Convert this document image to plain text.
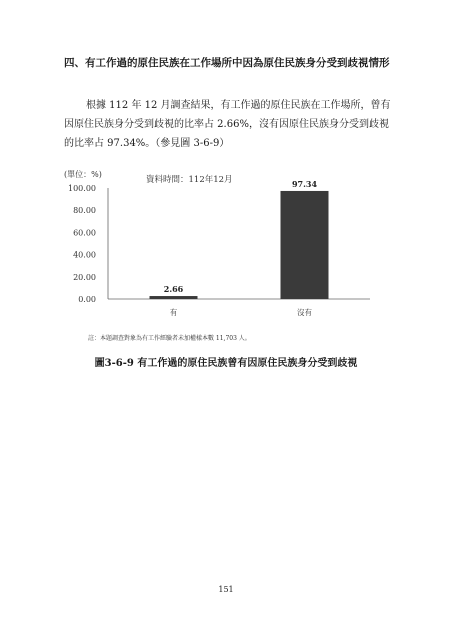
四、有工作過的原住民族在工作場所中因為原住民族身分受到歧視情形
根據 112 年 12 月調查結果，有工作過的原住民族在工作場所，曾有因原住民族身分受到歧視的比率占 2.66%，沒有因原住民族身分受到歧視的比率占 97.34%。（參見圖 3-6-9）
(單位：%)
資料時間：112年12月
100.00
80.00
60.00
40.00
20.00
0.00
2.66
有
97.34
沒有
註：本題調查對象為有工作經驗者未加權樣本數 11,703 人。
圖3-6-9 有工作過的原住民族曾有因原住民族身分受到歧視
151
